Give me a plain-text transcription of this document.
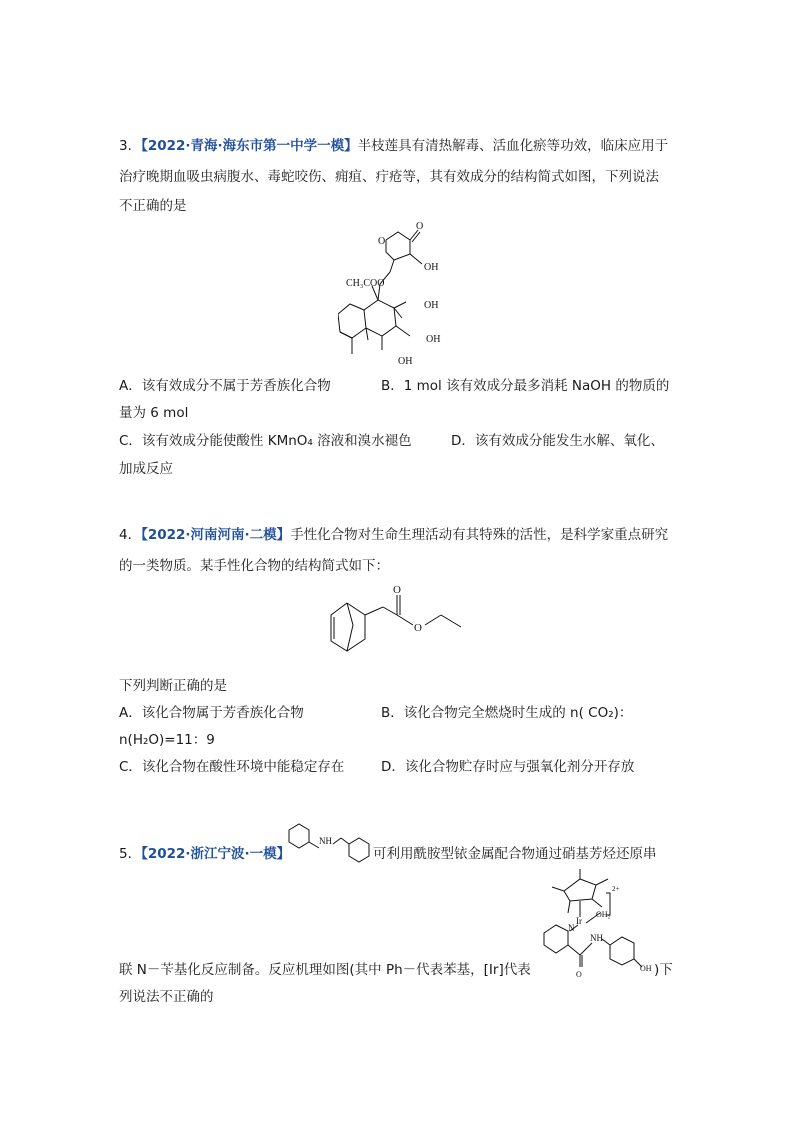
3．【2022·青海·海东市第一中学一模】半枝莲具有清热解毒、活血化瘀等功效，临床应用于
治疗晚期血吸虫病腹水、毒蛇咬伤、痈疽、疔疮等，其有效成分的结构简式如图，下列说法
不正确的是
O
O
OH
CH₃COO
OH
OH
OH
A．该有效成分不属于芳香族化合物	B．1 mol 该有效成分最多消耗 NaOH 的物质的
量为 6 mol
C．该有效成分能使酸性 KMnO₄ 溶液和溴水褪色	D．该有效成分能发生水解、氧化、
加成反应
4．【2022·河南河南·二模】手性化合物对生命生理活动有其特殊的活性，是科学家重点研究
的一类物质。某手性化合物的结构简式如下：
O
O
下列判断正确的是
A．该化合物属于芳香族化合物	B．该化合物完全燃烧时生成的 n( CO₂)：
n(H₂O)=11：9
C．该化合物在酸性环境中能稳定存在	D．该化合物贮存时应与强氧化剂分开存放
5．【2022·浙江宁波·一模】
NH
可利用酰胺型铱金属配合物通过硝基芳烃还原串
2+
Ir
OH₂
N
NH
O
OH
联 N－苄基化反应制备。反应机理如图(其中 Ph－代表苯基，[Ir]代表	)下
列说法不正确的
